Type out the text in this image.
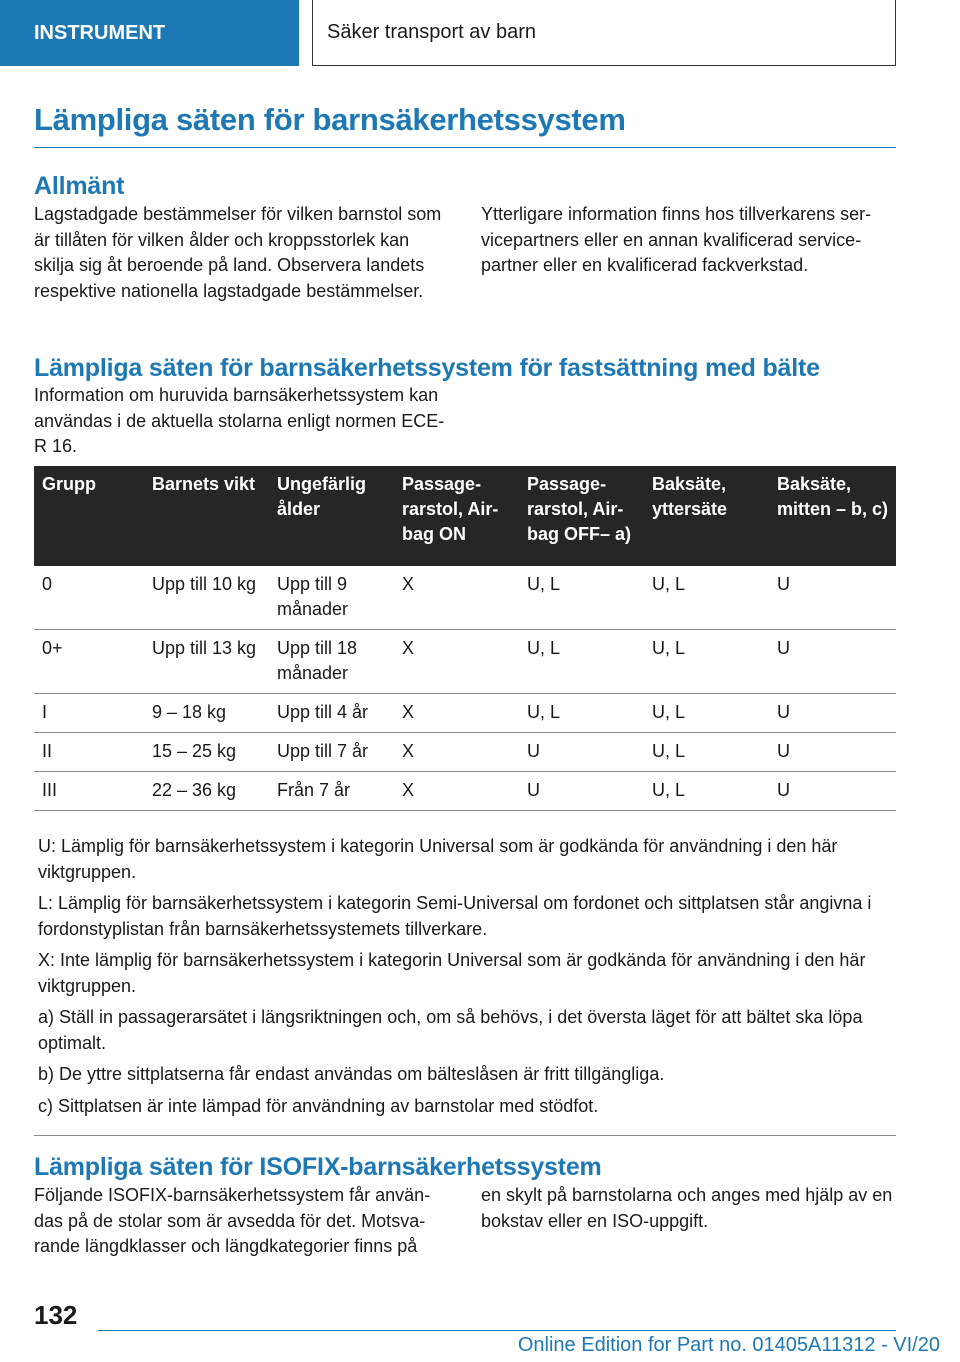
INSTRUMENT	Säker transport av barn
Lämpliga säten för barnsäkerhetssystem
Allmänt

Lagstadgade bestämmelser för vilken barnstol som är tillåten för vilken ålder och kroppsstorlek kan skilja sig åt beroende på land. Observera landets respektive nationella lagstadgade bestämmelser.

Ytterligare information finns hos tillverkarens servicepartners eller en annan kvalificerad servicepartner eller en kvalificerad fackverkstad.

Lämpliga säten för barnsäkerhetssystem för fastsättning med bälte

Information om huruvida barnsäkerhetssystem kan användas i de aktuella stolarna enligt normen ECE-R 16.

Grupp	Barnets vikt	Ungefärlig ålder	Passagerarstol, Airbag ON	Passagerarstol, Airbag OFF– a)	Baksäte, yttersäte	Baksäte, mitten – b, c)
0	Upp till 10 kg	Upp till 9 månader	X	U, L	U, L	U
0+	Upp till 13 kg	Upp till 18 månader	X	U, L	U, L	U
I	9 – 18 kg	Upp till 4 år	X	U, L	U, L	U
II	15 – 25 kg	Upp till 7 år	X	U	U, L	U
III	22 – 36 kg	Från 7 år	X	U	U, L	U

U: Lämplig för barnsäkerhetssystem i kategorin Universal som är godkända för användning i den här viktgruppen.

L: Lämplig för barnsäkerhetssystem i kategorin Semi-Universal om fordonet och sittplatsen står angivna i fordonstyplistan från barnsäkerhetssystemets tillverkare.

X: Inte lämplig för barnsäkerhetssystem i kategorin Universal som är godkända för användning i den här viktgruppen.

a) Ställ in passagerarsätet i längsriktningen och, om så behövs, i det översta läget för att bältet ska löpa optimalt.

b) De yttre sittplatserna får endast användas om bälteslåsen är fritt tillgängliga.

c) Sittplatsen är inte lämpad för användning av barnstolar med stödfot.

Lämpliga säten för ISOFIX-barnsäkerhetssystem

Följande ISOFIX-barnsäkerhetssystem får användas på de stolar som är avsedda för det. Motsvarande längdklasser och längdkategorier finns på

en skylt på barnstolarna och anges med hjälp av en bokstav eller en ISO-uppgift.

132
Online Edition for Part no. 01405A11312 - VI/20
